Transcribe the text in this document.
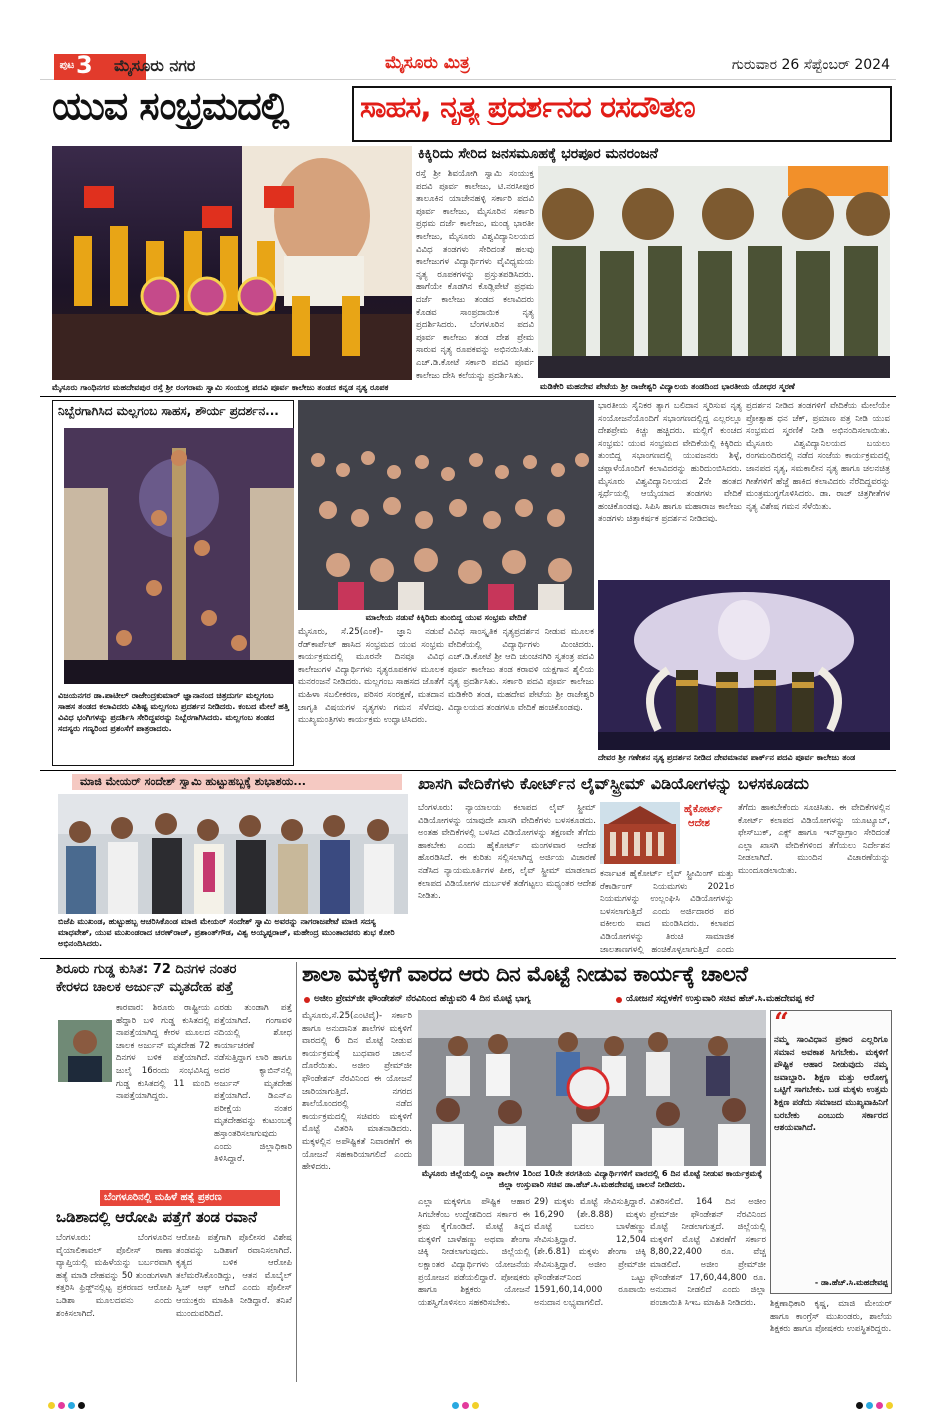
ಪುಟ 3 ಮೈಸೂರು ನಗರ	ಮೈಸೂರು ಮಿತ್ರ	ಗುರುವಾರ 26 ಸೆಪ್ಟೆಂಬರ್ 2024
ಯುವ ಸಂಭ್ರಮದಲ್ಲಿ	ಸಾಹಸ, ನೃತ್ಯ ಪ್ರದರ್ಶನದ ರಸದೌತಣ
ಮೈಸೂರು ಗಾಂಧಿನಗರ ಮಹದೇವಪುರ ರಸ್ತೆ ಶ್ರೀ ರಂಗರಾಮ ಸ್ವಾಮಿ ಸಂಯುಕ್ತ ಪದವಿ ಪೂರ್ವ ಕಾಲೇಜು ತಂಡದ ಕನ್ನಡ ನೃತ್ಯ ರೂಪಕ
ಕಿಕ್ಕಿರಿದು ಸೇರಿದ ಜನಸಮೂಹಕ್ಕೆ ಭರಪೂರ ಮನರಂಜನೆ
ರಸ್ತೆ ಶ್ರೀ ಶಿವಯೋಗಿ ಸ್ವಾಮಿ ಸಂಯುಕ್ತ ಪದವಿ ಪೂರ್ವ ಕಾಲೇಜು, ಟಿ.ನರಸೀಪುರ ತಾಲೂಕಿನ ಯಾಚೇನಹಳ್ಳಿ ಸರ್ಕಾರಿ ಪದವಿ ಪೂರ್ವ ಕಾಲೇಜು, ಮೈಸೂರಿನ ಸರ್ಕಾರಿ ಪ್ರಥಮ ದರ್ಜೆ ಕಾಲೇಜು, ಮಂಡ್ಯ ಭಾರತೀ ಕಾಲೇಜು, ಮೈಸೂರು ವಿಶ್ವವಿದ್ಯಾನಿಲಯದ ವಿವಿಧ ತಂಡಗಳು ಸೇರಿದಂತೆ ಹಲವು ಕಾಲೇಜುಗಳ ವಿದ್ಯಾರ್ಥಿಗಳು ವೈವಿಧ್ಯಮಯ ನೃತ್ಯ ರೂಪಕಗಳನ್ನು ಪ್ರಸ್ತುತಪಡಿಸಿದರು. ಹಾಗೆಯೇ ಕೊಡಗಿನ ಕೊಡ್ಲಿಪೇಟೆ ಪ್ರಥಮ ದರ್ಜೆ ಕಾಲೇಜು ತಂಡದ ಕಲಾವಿದರು ಕೊಡವ ಸಾಂಪ್ರದಾಯಿಕ ನೃತ್ಯ ಪ್ರದರ್ಶಿಸಿದರು. ಬೆಂಗಳೂರಿನ ಪದವಿ ಪೂರ್ವ ಕಾಲೇಜು ತಂಡ ದೇಶ ಪ್ರೇಮ ಸಾರುವ ನೃತ್ಯ ರೂಪಕವನ್ನು ಅಭಿನಯಿಸಿತು. ಎಚ್.ಡಿ.ಕೋಟೆ ಸರ್ಕಾರಿ ಪದವಿ ಪೂರ್ವ ಕಾಲೇಜು ದೇಸಿ ಕಲೆಯನ್ನು ಪ್ರದರ್ಶಿಸಿತು.
ಮಡಿಕೇರಿ ಮಹದೇವ ಪೇಟೆಯ ಶ್ರೀ ರಾಜೇಶ್ವರಿ ವಿದ್ಯಾಲಯ ತಂಡದಿಂದ ಭಾರತೀಯ ಯೋಧರ ಸ್ಮರಣೆ
ನಿಬ್ಬೆರಗಾಗಿಸಿದ ಮಲ್ಲಗಂಬ ಸಾಹಸ, ಶೌರ್ಯ ಪ್ರದರ್ಶನ...
ವಿಜಯನಗರ ಡಾ.ಪಾಟೀಲ್ ರಾಜೇಂದ್ರಕುಮಾರ್ ಜ್ಞಾನಾನಂದ ಚಿತ್ರದುರ್ಗ ಮಲ್ಲಗಂಬ ಸಾಹಸ ತಂಡದ ಕಲಾವಿದರು ವಿಶಿಷ್ಟ ಮಲ್ಲಗಂಬ ಪ್ರದರ್ಶನ ನೀಡಿದರು. ಕಂಬದ ಮೇಲೆ ಹತ್ತಿ ವಿವಿಧ ಭಂಗಿಗಳನ್ನು ಪ್ರದರ್ಶಿಸಿ ಸೇರಿದ್ದವರನ್ನು ನಿಬ್ಬೆರಗಾಗಿಸಿದರು. ಮಲ್ಲಗಂಬ ತಂಡದ ಸದಸ್ಯರು ಗಣ್ಯರಿಂದ ಪ್ರಶಂಸೆಗೆ ಪಾತ್ರರಾದರು.
ಮಾಲೇಯ ನಡುವೆ ಕಿಕ್ಕಿರಿದು ತುಂಬಿದ್ದ ಯುವ ಸಂಭ್ರಮ ವೇದಿಕೆ
ಮೈಸೂರು, ಸೆ.25(ಎಂಕೆ)- ಜ್ಞಾನಿ ನಡುವೆ ರೆಡ್‌ಕಾರ್ಪೆಟ್ ಹಾಸಿದ ಸಂಭ್ರಮದ ಯುವ ಸಂಭ್ರಮ ಕಾರ್ಯಕ್ರಮದಲ್ಲಿ ಮೂರನೇ ದಿನವೂ ವಿವಿಧ ಕಾಲೇಜುಗಳ ವಿದ್ಯಾರ್ಥಿಗಳು ನೃತ್ಯರೂಪಕಗಳ ಮೂಲಕ ಮನರಂಜನೆ ನೀಡಿದರು. ಮಲ್ಲಗಂಬ ಸಾಹಸದ ಜೊತೆಗೆ ಮಹಿಳಾ ಸಬಲೀಕರಣ, ಪರಿಸರ ಸಂರಕ್ಷಣೆ, ಮತದಾನ ಜಾಗೃತಿ ವಿಷಯಗಳ ನೃತ್ಯಗಳು ಗಮನ ಸೆಳೆದವು. ಮುಖ್ಯಮಂತ್ರಿಗಳು ಕಾರ್ಯಕ್ರಮ ಉದ್ಘಾಟಿಸಿದರು.
ವಿವಿಧ ಸಾಂಸ್ಕೃತಿಕ ನೃತ್ಯಪ್ರದರ್ಶನ ನೀಡುವ ಮೂಲಕ ವೇದಿಕೆಯಲ್ಲಿ ವಿದ್ಯಾರ್ಥಿಗಳು ಮಿಂಚಿದರು. ಎಚ್.ಡಿ.ಕೋಟೆ ಶ್ರೀ ಆದಿ ಚುಂಚನಗಿರಿ ಸ್ವತಂತ್ರ ಪದವಿ ಪೂರ್ವ ಕಾಲೇಜು ತಂಡ ಕರಾವಳಿ ಯಕ್ಷಗಾನ ಶೈಲಿಯ ನೃತ್ಯ ಪ್ರದರ್ಶಿಸಿತು. ಸರ್ಕಾರಿ ಪದವಿ ಪೂರ್ವ ಕಾಲೇಜು ಮಡಿಕೇರಿ ತಂಡ, ಮಹದೇವ ಪೇಟೆಯ ಶ್ರೀ ರಾಜೇಶ್ವರಿ ವಿದ್ಯಾಲಯದ ತಂಡಗಳೂ ವೇದಿಕೆ ಹಂಚಿಕೊಂಡವು.
ಭಾರತೀಯ ಸೈನಿಕರ ತ್ಯಾಗ ಬಲಿದಾನ ಸ್ಮರಿಸುವ ನೃತ್ಯ ಸಂಯೋಜನೆಯೊಂದಿಗೆ ಸಭಾಂಗಣದಲ್ಲಿದ್ದ ಎಲ್ಲರಲ್ಲೂ ದೇಶಪ್ರೇಮ ಕಿಚ್ಚು ಹಚ್ಚಿದರು. ಮಲ್ಲಿಗೆ ಕುಂಚದ ಸಂಭ್ರಮ: ಯುವ ಸಂಭ್ರಮದ ವೇದಿಕೆಯಲ್ಲಿ ಕಿಕ್ಕಿರಿದು ತುಂಬಿದ್ದ ಸಭಾಂಗಣದಲ್ಲಿ ಯುವಜನರು ಶಿಳ್ಳೆ, ಚಪ್ಪಾಳೆಯೊಂದಿಗೆ ಕಲಾವಿದರನ್ನು ಹುರಿದುಂಬಿಸಿದರು. ಮೈಸೂರು ವಿಶ್ವವಿದ್ಯಾನಿಲಯದ 2ನೇ ಹಂತದ ಸ್ಪರ್ಧೆಯಲ್ಲಿ ಆಯ್ಕೆಯಾದ ತಂಡಗಳು ವೇದಿಕೆ ಹಂಚಿಕೊಂಡವು. ಸಿಪಿಸಿ ಹಾಗೂ ಮಹಾರಾಜ ಕಾಲೇಜು ತಂಡಗಳು ಚಿತ್ತಾಕರ್ಷಕ ಪ್ರದರ್ಶನ ನೀಡಿದವು.
ಪ್ರದರ್ಶನ ನೀಡಿದ ತಂಡಗಳಿಗೆ ವೇದಿಕೆಯ ಮೇಲೆಯೇ ಪ್ರೋತ್ಸಾಹ ಧನ ಚೆಕ್, ಪ್ರಮಾಣ ಪತ್ರ ನೀಡಿ ಯುವ ಸಂಭ್ರಮದ ಸ್ಮರಣಿಕೆ ನೀಡಿ ಅಭಿನಂದಿಸಲಾಯಿತು. ಮೈಸೂರು ವಿಶ್ವವಿದ್ಯಾನಿಲಯದ ಬಯಲು ರಂಗಮಂದಿರದಲ್ಲಿ ನಡೆದ ಸಂಜೆಯ ಕಾರ್ಯಕ್ರಮದಲ್ಲಿ ಜಾನಪದ ನೃತ್ಯ, ಸಮಕಾಲೀನ ನೃತ್ಯ ಹಾಗೂ ಚಲನಚಿತ್ರ ಗೀತೆಗಳಿಗೆ ಹೆಜ್ಜೆ ಹಾಕಿದ ಕಲಾವಿದರು ನೆರೆದಿದ್ದವರನ್ನು ಮಂತ್ರಮುಗ್ಧಗೊಳಿಸಿದರು. ಡಾ. ರಾಜ್ ಚಿತ್ರಗೀತೆಗಳ ನೃತ್ಯ ವಿಶೇಷ ಗಮನ ಸೆಳೆಯಿತು.
ದೇವರ ಶ್ರೀ ಗಣೇಶನ ನೃತ್ಯ ಪ್ರದರ್ಶನ ನೀಡಿದ ದೇವಮಾನವ ಪಾರ್ಕ್‌ನ ಪದವಿ ಪೂರ್ವ ಕಾಲೇಜು ತಂಡ
ಮಾಜಿ ಮೇಯರ್ ಸಂದೇಶ್ ಸ್ವಾಮಿ ಹುಟ್ಟುಹಬ್ಬಕ್ಕೆ ಶುಭಾಶಯ...
ಬಿಜೆಪಿ ಮುಖಂಡ, ಹುಟ್ಟುಹಬ್ಬ ಆಚರಿಸಿಕೊಂಡ ಮಾಜಿ ಮೇಯರ್ ಸಂದೇಶ್ ಸ್ವಾಮಿ ಅವರನ್ನು ನಾಗರಾಜಪೇಟೆ ಮಾಜಿ ಸದಸ್ಯ ಮಾಧವೇಶ್, ಯುವ ಮುಖಂಡರಾದ ಚರಣ್‌ರಾಜ್, ಪ್ರಶಾಂತ್‌ಗೌಡ, ವಿಶ್ವ ಅಯ್ಯಪ್ಪರಾಜ್, ಮಹೇಂದ್ರ ಮುಂತಾದವರು ಶುಭ ಕೋರಿ ಅಭಿನಂದಿಸಿದರು.
ಖಾಸಗಿ ವೇದಿಕೆಗಳು ಕೋರ್ಟ್‌ನ ಲೈವ್‌ಸ್ಟ್ರೀಮ್ ವಿಡಿಯೋಗಳನ್ನು ಬಳಸಕೂಡದು
ಬೆಂಗಳೂರು: ನ್ಯಾಯಾಲಯ ಕಲಾಪದ ಲೈವ್ ಸ್ಟ್ರೀಮ್ ವಿಡಿಯೋಗಳನ್ನು ಯಾವುದೇ ಖಾಸಗಿ ವೇದಿಕೆಗಳು ಬಳಸಕೂಡದು. ಅಂತಹ ವೇದಿಕೆಗಳಲ್ಲಿ ಬಳಸಿದ ವಿಡಿಯೋಗಳನ್ನು ತಕ್ಷಣವೇ ತೆಗೆದು ಹಾಕಬೇಕು ಎಂದು ಹೈಕೋರ್ಟ್ ಮಂಗಳವಾರ ಆದೇಶ ಹೊರಡಿಸಿದೆ. ಈ ಕುರಿತು ಸಲ್ಲಿಸಲಾಗಿದ್ದ ಅರ್ಜಿಯ ವಿಚಾರಣೆ ನಡೆಸಿದ ನ್ಯಾಯಮೂರ್ತಿಗಳ ಪೀಠ, ಲೈವ್ ಸ್ಟ್ರೀಮ್ ಮಾಡಲಾದ ಕಲಾಪದ ವಿಡಿಯೋಗಳ ದುರ್ಬಳಕೆ ತಡೆಗಟ್ಟಲು ಮಧ್ಯಂತರ ಆದೇಶ ನೀಡಿತು.
ಹೈಕೋರ್ಟ್
ಆದೇಶ
ಕರ್ನಾಟಕ ಹೈಕೋರ್ಟ್ ಲೈವ್ ಸ್ಟ್ರೀಮಿಂಗ್ ಮತ್ತು ರೆಕಾರ್ಡಿಂಗ್ ನಿಯಮಗಳು 2021ರ ನಿಯಮಗಳನ್ನು ಉಲ್ಲಂಘಿಸಿ ವಿಡಿಯೋಗಳನ್ನು ಬಳಸಲಾಗುತ್ತಿದೆ ಎಂದು ಅರ್ಜಿದಾರರ ಪರ ವಕೀಲರು ವಾದ ಮಂಡಿಸಿದರು. ಕಲಾಪದ ವಿಡಿಯೋಗಳನ್ನು ತಿರುಚಿ ಸಾಮಾಜಿಕ ಜಾಲತಾಣಗಳಲ್ಲಿ ಹಂಚಿಕೊಳ್ಳಲಾಗುತ್ತಿದೆ ಎಂದು
ತೆಗೆದು ಹಾಕಬೇಕೆಂದು ಸೂಚಿಸಿತು. ಈ ವೇದಿಕೆಗಳಲ್ಲಿನ ಕೋರ್ಟ್ ಕಲಾಪದ ವಿಡಿಯೋಗಳನ್ನು ಯೂಟ್ಯೂಬ್, ಫೇಸ್‌ಬುಕ್, ಎಕ್ಸ್ ಹಾಗೂ ಇನ್‌ಸ್ಟಾಗ್ರಾಂ ಸೇರಿದಂತೆ ಎಲ್ಲಾ ಖಾಸಗಿ ವೇದಿಕೆಗಳಿಂದ ತೆಗೆಯಲು ನಿರ್ದೇಶನ ನೀಡಲಾಗಿದೆ. ಮುಂದಿನ ವಿಚಾರಣೆಯನ್ನು ಮುಂದೂಡಲಾಯಿತು.
ಶಿರೂರು ಗುಡ್ಡ ಕುಸಿತ: 72 ದಿನಗಳ ನಂತರ
ಕೇರಳದ ಚಾಲಕ ಅರ್ಜುನ್ ಮೃತದೇಹ ಪತ್ತೆ
ಕಾರವಾರ: ಶಿರೂರು ರಾಷ್ಟ್ರೀಯ ಹೆದ್ದಾರಿ ಬಳಿ ಗುಡ್ಡ ಕುಸಿತದಲ್ಲಿ ನಾಪತ್ತೆಯಾಗಿದ್ದ ಕೇರಳ ಮೂಲದ ಚಾಲಕ ಅರ್ಜುನ್ ಮೃತದೇಹ 72 ದಿನಗಳ ಬಳಿಕ ಪತ್ತೆಯಾಗಿದೆ. ಜುಲೈ 16ರಂದು ಸಂಭವಿಸಿದ್ದ ಗುಡ್ಡ ಕುಸಿತದಲ್ಲಿ 11 ಮಂದಿ ನಾಪತ್ತೆಯಾಗಿದ್ದರು.
ಎರಡು ತುಂಡಾಗಿ ಪತ್ತೆ ಪತ್ತೆಯಾಗಿದೆ. ಗಂಗಾವಳಿ ನದಿಯಲ್ಲಿ ಶೋಧ ಕಾರ್ಯಾಚರಣೆ ನಡೆಸುತ್ತಿದ್ದಾಗ ಲಾರಿ ಹಾಗೂ ಅದರ ಕ್ಯಾಬಿನ್‌ನಲ್ಲಿ ಅರ್ಜುನ್ ಮೃತದೇಹ ಪತ್ತೆಯಾಗಿದೆ. ಡಿಎನ್‌ಎ ಪರೀಕ್ಷೆಯ ನಂತರ ಮೃತದೇಹವನ್ನು ಕುಟುಂಬಕ್ಕೆ ಹಸ್ತಾಂತರಿಸಲಾಗುವುದು ಎಂದು ಜಿಲ್ಲಾಧಿಕಾರಿ ತಿಳಿಸಿದ್ದಾರೆ.
ಬೆಂಗಳೂರಿನಲ್ಲಿ ಮಹಿಳೆ ಹತ್ಯೆ ಪ್ರಕರಣ
ಒಡಿಶಾದಲ್ಲಿ ಆರೋಪಿ ಪತ್ತೆಗೆ ತಂಡ ರವಾನೆ
ಬೆಂಗಳೂರು: ಬೆಂಗಳೂರಿನ ವೈಯಾಲಿಕಾವಲ್ ಪೊಲೀಸ್ ಠಾಣಾ ವ್ಯಾಪ್ತಿಯಲ್ಲಿ ಮಹಿಳೆಯನ್ನು ಬರ್ಬರವಾಗಿ ಹತ್ಯೆ ಮಾಡಿ ದೇಹವನ್ನು 50 ತುಂಡುಗಳಾಗಿ ಕತ್ತರಿಸಿ ಫ್ರಿಡ್ಜ್‌ನಲ್ಲಿಟ್ಟ ಪ್ರಕರಣದ ಆರೋಪಿ ಒಡಿಶಾ ಮೂಲದವನು ಎಂದು ಶಂಕಿಸಲಾಗಿದೆ.
ಆರೋಪಿ ಪತ್ತೆಗಾಗಿ ಪೊಲೀಸರ ವಿಶೇಷ ತಂಡವನ್ನು ಒಡಿಶಾಗೆ ರವಾನಿಸಲಾಗಿದೆ. ಕೃತ್ಯದ ಬಳಿಕ ಆರೋಪಿ ತಲೆಮರೆಸಿಕೊಂಡಿದ್ದು, ಆತನ ಮೊಬೈಲ್ ಸ್ವಿಚ್ ಆಫ್ ಆಗಿದೆ ಎಂದು ಪೊಲೀಸ್ ಆಯುಕ್ತರು ಮಾಹಿತಿ ನೀಡಿದ್ದಾರೆ. ತನಿಖೆ ಮುಂದುವರಿದಿದೆ.
ಶಾಲಾ ಮಕ್ಕಳಿಗೆ ವಾರದ ಆರು ದಿನ ಮೊಟ್ಟೆ ನೀಡುವ ಕಾರ್ಯಕ್ಕೆ ಚಾಲನೆ
ಅಜೀಂ ಪ್ರೇಮ್‌ಜೀ ಫೌಂಡೇಶನ್ ನೆರವಿನಿಂದ ಹೆಚ್ಚುವರಿ 4 ದಿನ ಮೊಟ್ಟೆ ಭಾಗ್ಯ	ಯೋಜನೆ ಸದ್ಬಳಕೆಗೆ ಉಸ್ತುವಾರಿ ಸಚಿವ ಹೆಚ್.ಸಿ.ಮಹದೇವಪ್ಪ ಕರೆ
ಮೈಸೂರು,ಸೆ.25(ಎಂಟಿವೈ)- ಸರ್ಕಾರಿ ಹಾಗೂ ಅನುದಾನಿತ ಶಾಲೆಗಳ ಮಕ್ಕಳಿಗೆ ವಾರದಲ್ಲಿ 6 ದಿನ ಮೊಟ್ಟೆ ನೀಡುವ ಕಾರ್ಯಕ್ರಮಕ್ಕೆ ಬುಧವಾರ ಚಾಲನೆ ದೊರೆಯಿತು. ಅಜೀಂ ಪ್ರೇಮ್‌ಜೀ ಫೌಂಡೇಶನ್ ನೆರವಿನಿಂದ ಈ ಯೋಜನೆ ಜಾರಿಯಾಗುತ್ತಿದೆ. ನಗರದ ಶಾಲೆಯೊಂದರಲ್ಲಿ ನಡೆದ ಕಾರ್ಯಕ್ರಮದಲ್ಲಿ ಸಚಿವರು ಮಕ್ಕಳಿಗೆ ಮೊಟ್ಟೆ ವಿತರಿಸಿ ಮಾತನಾಡಿದರು. ಮಕ್ಕಳಲ್ಲಿನ ಅಪೌಷ್ಟಿಕತೆ ನಿವಾರಣೆಗೆ ಈ ಯೋಜನೆ ಸಹಕಾರಿಯಾಗಲಿದೆ ಎಂದು ಹೇಳಿದರು.
ಮೈಸೂರು ಜಿಲ್ಲೆಯಲ್ಲಿ ಎಲ್ಲಾ ಶಾಲೆಗಳ 1ರಿಂದ 10ನೇ ತರಗತಿಯ ವಿದ್ಯಾರ್ಥಿಗಳಿಗೆ ವಾರದಲ್ಲಿ 6 ದಿನ ಮೊಟ್ಟೆ ನೀಡುವ ಕಾರ್ಯಕ್ರಮಕ್ಕೆ ಜಿಲ್ಲಾ ಉಸ್ತುವಾರಿ ಸಚಿವ ಡಾ.ಹೆಚ್.ಸಿ.ಮಹದೇವಪ್ಪ ಚಾಲನೆ ನೀಡಿದರು.
ಎಲ್ಲಾ ಮಕ್ಕಳಿಗೂ ಪೌಷ್ಟಿಕ ಆಹಾರ ಸಿಗಬೇಕೆಂಬ ಉದ್ದೇಶದಿಂದ ಸರ್ಕಾರ ಈ ಕ್ರಮ ಕೈಗೊಂಡಿದೆ. ಮೊಟ್ಟೆ ತಿನ್ನದ ಮಕ್ಕಳಿಗೆ ಬಾಳೆಹಣ್ಣು ಅಥವಾ ಶೇಂಗಾ ಚಿಕ್ಕಿ ನೀಡಲಾಗುವುದು. ಜಿಲ್ಲೆಯಲ್ಲಿ ಲಕ್ಷಾಂತರ ವಿದ್ಯಾರ್ಥಿಗಳು ಯೋಜನೆಯ ಪ್ರಯೋಜನ ಪಡೆಯಲಿದ್ದಾರೆ. ಪೋಷಕರು ಹಾಗೂ ಶಿಕ್ಷಕರು ಯೋಜನೆ ಯಶಸ್ವಿಗೊಳಿಸಲು ಸಹಕರಿಸಬೇಕು.
29) ಮಕ್ಕಳು ಮೊಟ್ಟೆ ಸೇವಿಸುತ್ತಿದ್ದಾರೆ. 16,290 (ಶೇ.8.88) ಮಕ್ಕಳು ಮೊಟ್ಟೆ ಬದಲು ಬಾಳೆಹಣ್ಣು ಸೇವಿಸುತ್ತಿದ್ದಾರೆ. 12,504 (ಶೇ.6.81) ಮಕ್ಕಳು ಶೇಂಗಾ ಚಿಕ್ಕಿ ಸೇವಿಸುತ್ತಿದ್ದಾರೆ. ಅಜೀಂ ಪ್ರೇಮ್‌ಜೀ ಫೌಂಡೇಶನ್‌ನಿಂದ ಒಟ್ಟು 1591,60,14,000 ರೂಪಾಯಿ ಅನುದಾನ ಲಭ್ಯವಾಗಲಿದೆ.
ವಿತರಿಸಲಿದೆ. 164 ದಿನ ಅಜೀಂ ಪ್ರೇಮ್‌ಜೀ ಫೌಂಡೇಶನ್ ನೆರವಿನಿಂದ ಮೊಟ್ಟೆ ನೀಡಲಾಗುತ್ತದೆ. ಜಿಲ್ಲೆಯಲ್ಲಿ ಮಕ್ಕಳಿಗೆ ಮೊಟ್ಟೆ ವಿತರಣೆಗೆ ಸರ್ಕಾರ 8,80,22,400 ರೂ. ವೆಚ್ಚ ಮಾಡಲಿದೆ. ಅಜೀಂ ಪ್ರೇಮ್‌ಜೀ ಫೌಂಡೇಶನ್ 17,60,44,800 ರೂ. ಅನುದಾನ ನೀಡಲಿದೆ ಎಂದು ಜಿಲ್ಲಾ ಪಂಚಾಯಿತಿ ಸಿಇಒ ಮಾಹಿತಿ ನೀಡಿದರು.
“
ನಮ್ಮ ಸಾಂವಿಧಾನ ಪ್ರಕಾರ ಎಲ್ಲರಿಗೂ ಸಮಾನ ಅವಕಾಶ ಸಿಗಬೇಕು. ಮಕ್ಕಳಿಗೆ ಪೌಷ್ಟಿಕ ಆಹಾರ ನೀಡುವುದು ನಮ್ಮ ಜವಾಬ್ದಾರಿ. ಶಿಕ್ಷಣ ಮತ್ತು ಆರೋಗ್ಯ ಒಟ್ಟಿಗೆ ಸಾಗಬೇಕು. ಬಡ ಮಕ್ಕಳು ಉತ್ತಮ ಶಿಕ್ಷಣ ಪಡೆದು ಸಮಾಜದ ಮುಖ್ಯವಾಹಿನಿಗೆ ಬರಬೇಕು ಎಂಬುದು ಸರ್ಕಾರದ ಆಶಯವಾಗಿದೆ.
- ಡಾ.ಹೆಚ್.ಸಿ.ಮಹದೇವಪ್ಪ
ಶಿಕ್ಷಣಾಧಿಕಾರಿ ಕೃಷ್ಣ, ಮಾಜಿ ಮೇಯರ್ ಹಾಗೂ ಕಾಂಗ್ರೆಸ್ ಮುಖಂಡರು, ಶಾಲೆಯ ಶಿಕ್ಷಕರು ಹಾಗೂ ಪೋಷಕರು ಉಪಸ್ಥಿತರಿದ್ದರು.
